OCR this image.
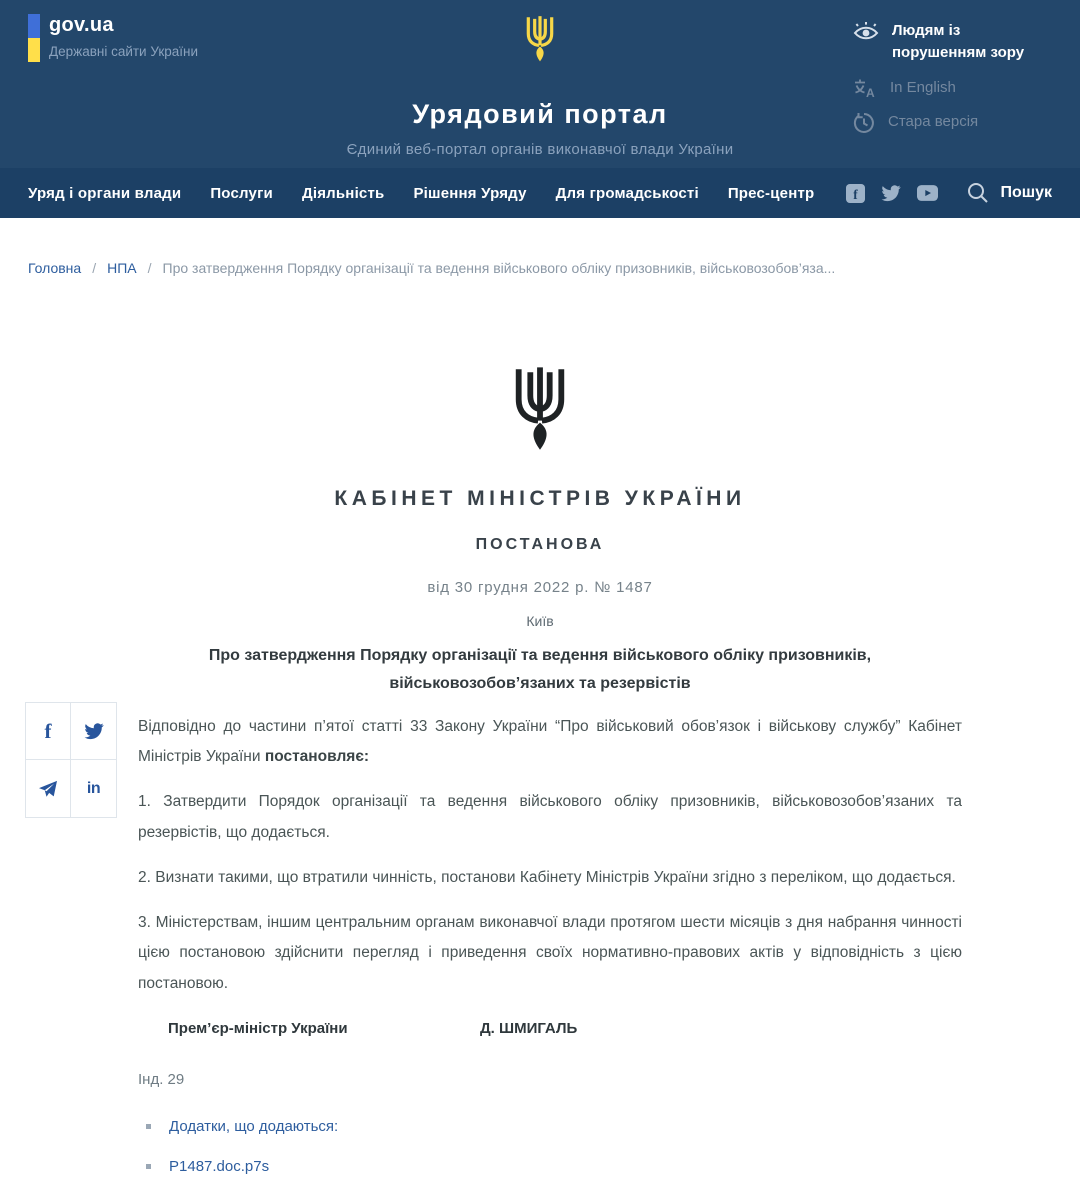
gov.ua
Державні сайти України
Урядовий портал
Єдиний веб-портал органів виконавчої влади України
Людям із порушенням зору
A In English
Стара версія
Уряд і органи влади Послуги Діяльність Рішення Уряду Для громадськості Прес-центр	f	Пошук
Головна / НПА / Про затвердження Порядку організації та ведення військового обліку призовників, військовозобов’яза...
f
in
КАБІНЕТ МІНІСТРІВ УКРАЇНИ
ПОСТАНОВА
від 30 грудня 2022 р. № 1487
Київ
Про затвердження Порядку організації та ведення військового обліку призовників, військовозобов’язаних та резервістів

Відповідно до частини п’ятої статті 33 Закону України “Про військовий обов’язок і військову службу” Кабінет Міністрів України постановляє:

1. Затвердити Порядок організації та ведення військового обліку призовників, військовозобов’язаних та резервістів, що додається.

2. Визнати такими, що втратили чинність, постанови Кабінету Міністрів України згідно з переліком, що додається.

3. Міністерствам, іншим центральним органам виконавчої влади протягом шести місяців з дня набрання чинності цією постановою здійснити перегляд і приведення своїх нормативно-правових актів у відповідність з цією постановою.

Прем’єр-міністр України	Д. ШМИГАЛЬ
Інд. 29
Додатки, що додаються:
P1487.doc.p7s
